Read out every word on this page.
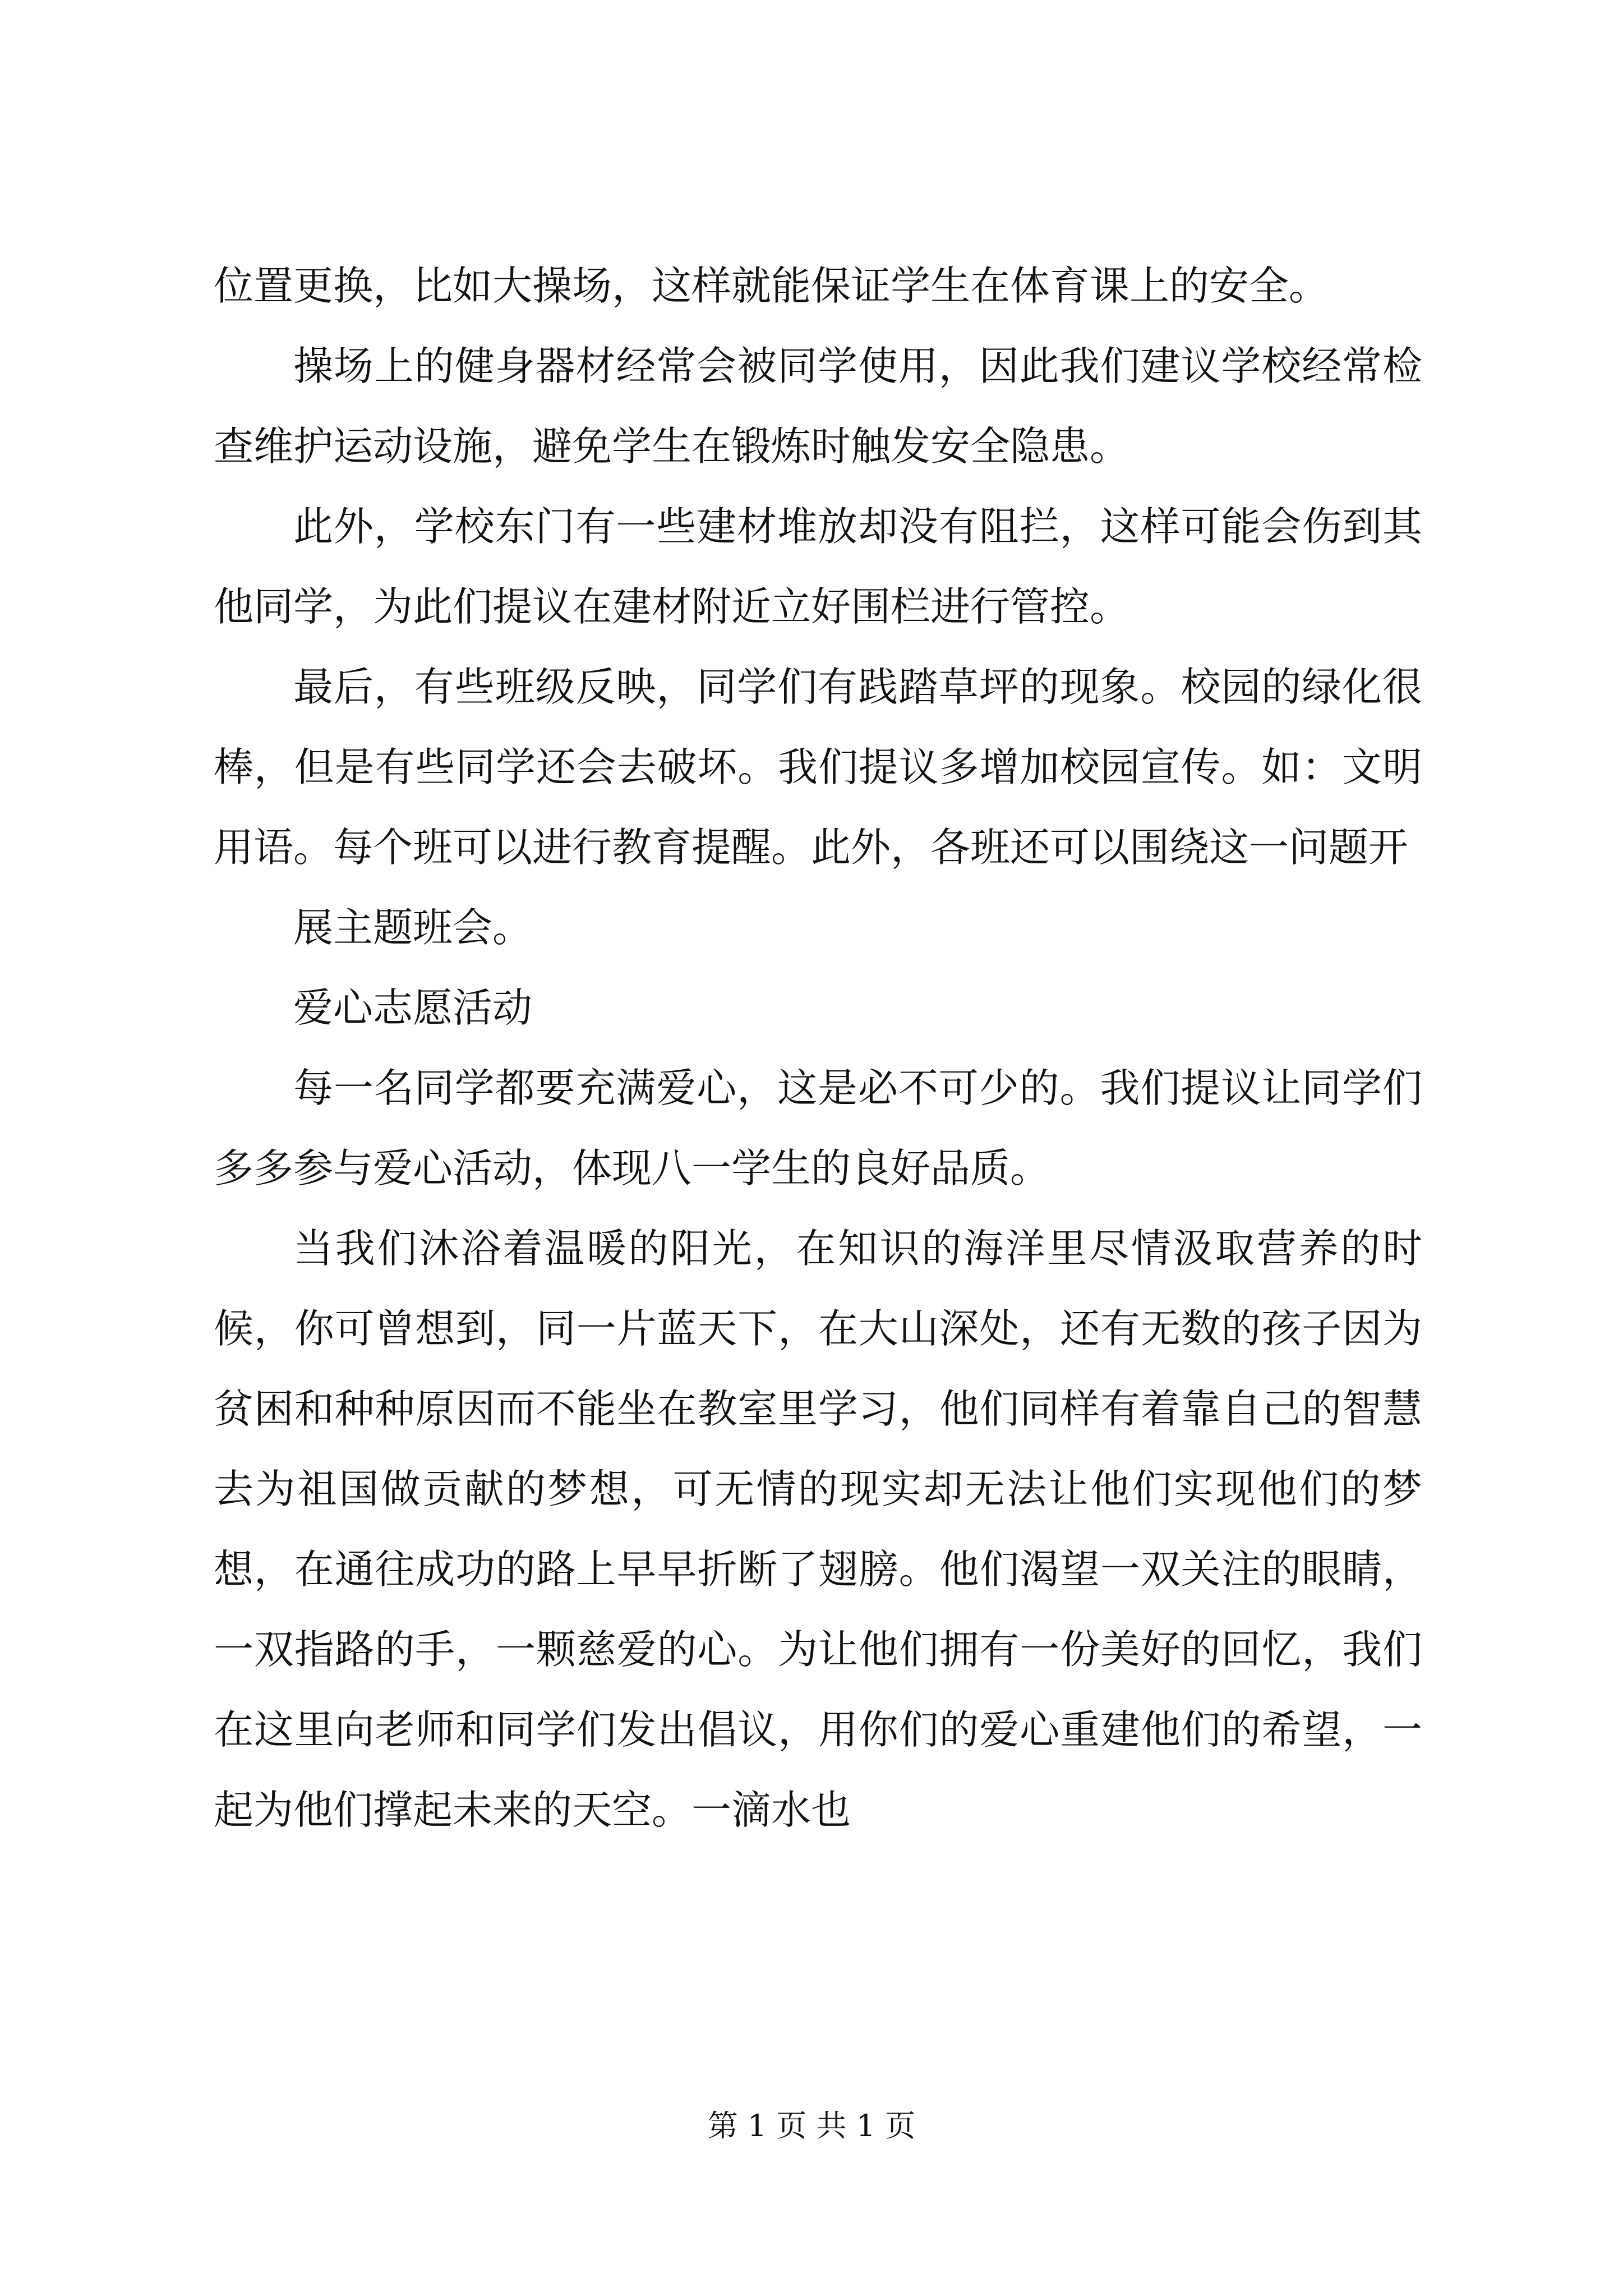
位置更换，比如大操场，这样就能保证学生在体育课上的安全。

操场上的健身器材经常会被同学使用，因此我们建议学校经常检查维护运动设施，避免学生在锻炼时触发安全隐患。

此外，学校东门有一些建材堆放却没有阻拦，这样可能会伤到其他同学，为此们提议在建材附近立好围栏进行管控。

最后，有些班级反映，同学们有践踏草坪的现象。校园的绿化很棒，但是有些同学还会去破坏。我们提议多增加校园宣传。如：文明用语。每个班可以进行教育提醒。此外，各班还可以围绕这一问题开

展主题班会。

爱心志愿活动

每一名同学都要充满爱心，这是必不可少的。我们提议让同学们多多参与爱心活动，体现八一学生的良好品质。

当我们沐浴着温暖的阳光，在知识的海洋里尽情汲取营养的时候，你可曾想到，同一片蓝天下，在大山深处，还有无数的孩子因为贫困和种种原因而不能坐在教室里学习，他们同样有着靠自己的智慧去为祖国做贡献的梦想，可无情的现实却无法让他们实现他们的梦想，在通往成功的路上早早折断了翅膀。他们渴望一双关注的眼睛，一双指路的手，一颗慈爱的心。为让他们拥有一份美好的回忆，我们在这里向老师和同学们发出倡议，用你们的爱心重建他们的希望，一起为他们撑起未来的天空。一滴水也

第 1 页 共 1 页
